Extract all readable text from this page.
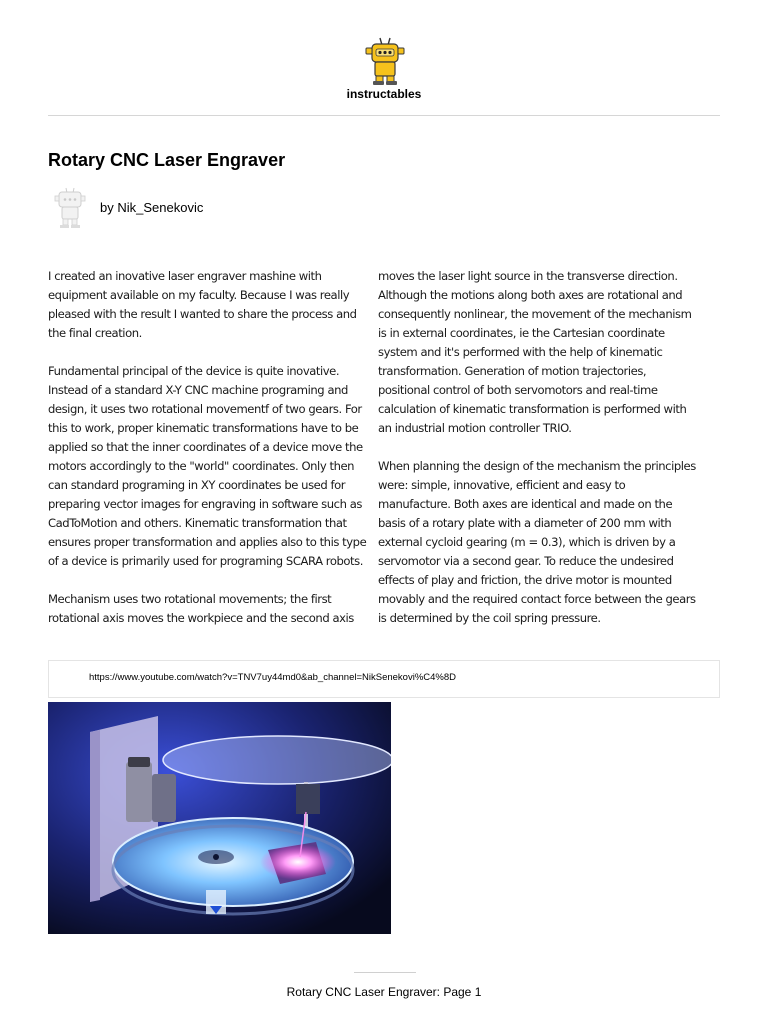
instructables
Rotary CNC Laser Engraver
by Nik_Senekovic

I created an inovative laser engraver mashine with equipment available on my faculty. Because I was really pleased with the result I wanted to share the process and the final creation.

Fundamental principal of the device is quite inovative. Instead of a standard X-Y CNC machine programing and design, it uses two rotational movementf of two gears. For this to work, proper kinematic transformations have to be applied so that the inner coordinates of a device move the motors accordingly to the "world" coordinates. Only then can standard programing in XY coordinates be used for preparing vector images for engraving in software such as CadToMotion and others. Kinematic transformation that ensures proper transformation and applies also to this type of a device is primarily used for programing SCARA robots.

Mechanism uses two rotational movements; the first rotational axis moves the workpiece and the second axis

moves the laser light source in the transverse direction. Although the motions along both axes are rotational and consequently nonlinear, the movement of the mechanism is in external coordinates, ie the Cartesian coordinate system and it's performed with the help of kinematic transformation. Generation of motion trajectories, positional control of both servomotors and real-time calculation of kinematic transformation is performed with an industrial motion controller TRIO.

When planning the design of the mechanism the principles were: simple, innovative, efficient and easy to manufacture. Both axes are identical and made on the basis of a rotary plate with a diameter of 200 mm with external cycloid gearing (m = 0.3), which is driven by a servomotor via a second gear. To reduce the undesired effects of play and friction, the drive motor is mounted movably and the required contact force between the gears is determined by the coil spring pressure.

https://www.youtube.com/watch?v=TNV7uy44md0&ab_channel=NikSenekovi%C4%8D
Rotary CNC Laser Engraver: Page 1
